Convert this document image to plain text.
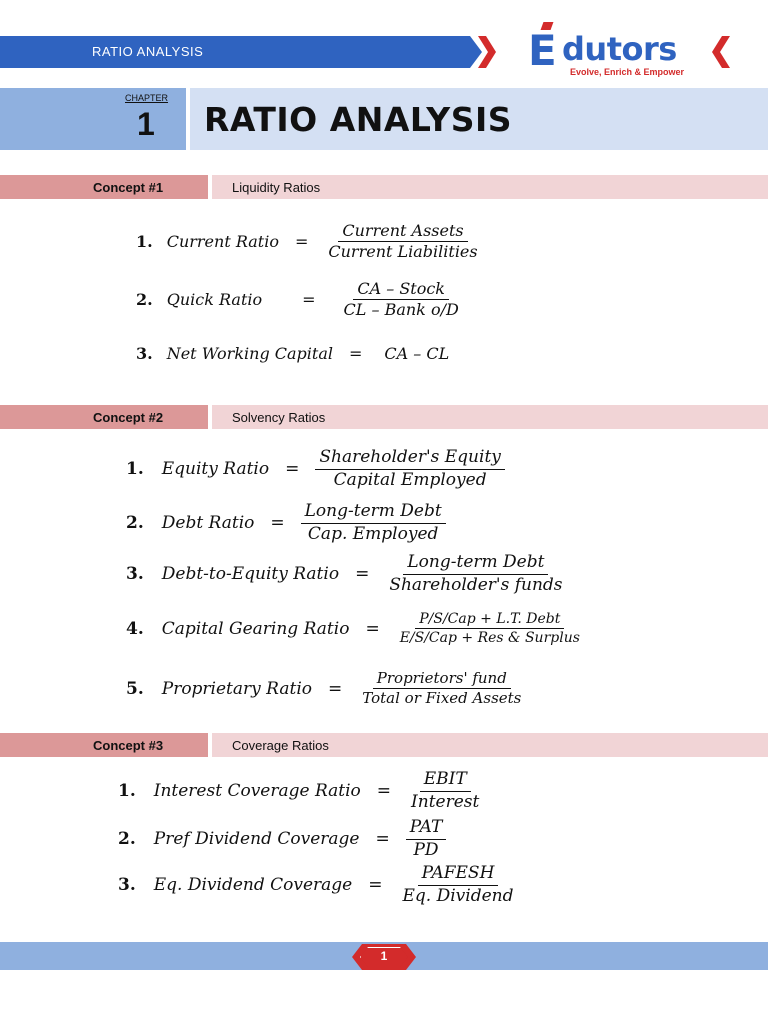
RATIO ANALYSIS	E dutors
Evolve, Enrich & Empower
CHAPTER
1 RATIO ANALYSIS
Concept #1	Liquidity Ratios
1. Current Ratio = $\frac{\text{Current Assets}}{\text{Current Liabilities}}$
2. Quick Ratio	= $\frac{\text{CA – Stock}}{\text{CL – Bank o/D}}$
3. Net Working Capital = CA – CL
Concept #2	Solvency Ratios
1. Equity Ratio = $\frac{\text{Shareholder's Equity}}{\text{Capital Employed}}$
2. Debt Ratio = $\frac{\text{Long-term Debt}}{\text{Cap. Employed}}$
3. Debt-to-Equity Ratio = $\frac{\text{Long-term Debt}}{\text{Shareholder's funds}}$
4. Capital Gearing Ratio = $\frac{\text{P/S/Cap + L.T. Debt}}{\text{E/S/Cap + Res \& Surplus}}$
5. Proprietary Ratio = $\frac{\text{Proprietors' fund}}{\text{Total or Fixed Assets}}$
Concept #3	Coverage Ratios
1. Interest Coverage Ratio = $\frac{\text{EBIT}}{\text{Interest}}$
2. Pref Dividend Coverage = $\frac{\text{PAT}}{PD}$
3. Eq. Dividend Coverage = $\frac{\text{PAFESH}}{\text{Eq. Dividend}}$
1
